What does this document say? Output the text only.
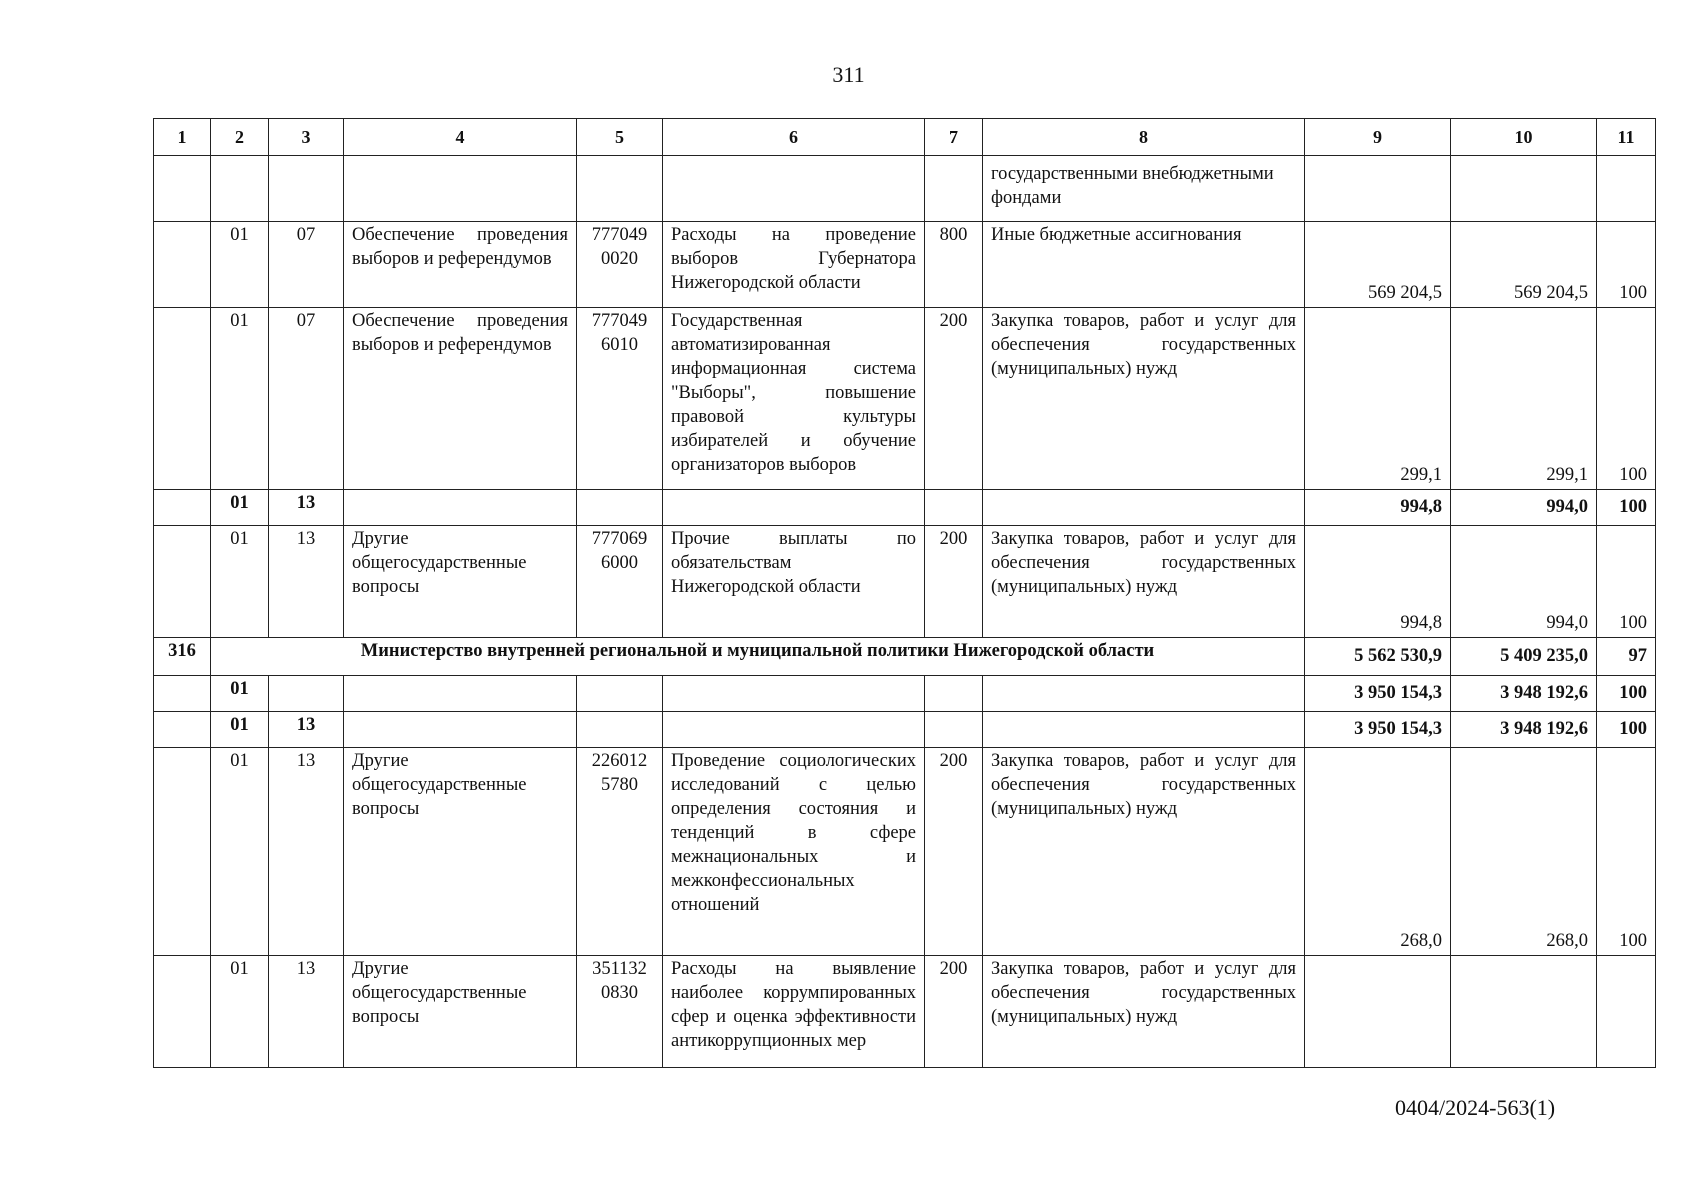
311
1	2	3	4	5	6	7	8	9	10	11
							государственными внебюджетными фондами			
	01	07	Обеспечение проведения выборов и референдумов	777049 0020	Расходы на проведение выборов Губернатора Нижегородской области	800	Иные бюджетные ассигнования	569 204,5	569 204,5	100
	01	07	Обеспечение проведения выборов и референдумов	777049 6010	Государственная автоматизированная информационная система "Выборы", повышение правовой культуры избирателей и обучение организаторов выборов	200	Закупка товаров, работ и услуг для обеспечения государственных (муниципальных) нужд	299,1	299,1	100
	01	13						994,8	994,0	100
	01	13	Другие общегосударственные вопросы	777069 6000	Прочие выплаты по обязательствам Нижегородской области	200	Закупка товаров, работ и услуг для обеспечения государственных (муниципальных) нужд	994,8	994,0	100
316	Министерство внутренней региональной и муниципальной политики Нижегородской области							5 562 530,9	5 409 235,0	97
	01							3 950 154,3	3 948 192,6	100
	01	13						3 950 154,3	3 948 192,6	100
	01	13	Другие общегосударственные вопросы	226012 5780	Проведение социологических исследований с целью определения состояния и тенденций в сфере межнациональных и межконфессиональных отношений	200	Закупка товаров, работ и услуг для обеспечения государственных (муниципальных) нужд	268,0	268,0	100
	01	13	Другие общегосударственные вопросы	351132 0830	Расходы на выявление наиболее коррумпированных сфер и оценка эффективности антикоррупционных мер	200	Закупка товаров, работ и услуг для обеспечения государственных (муниципальных) нужд			
0404/2024-563(1)
